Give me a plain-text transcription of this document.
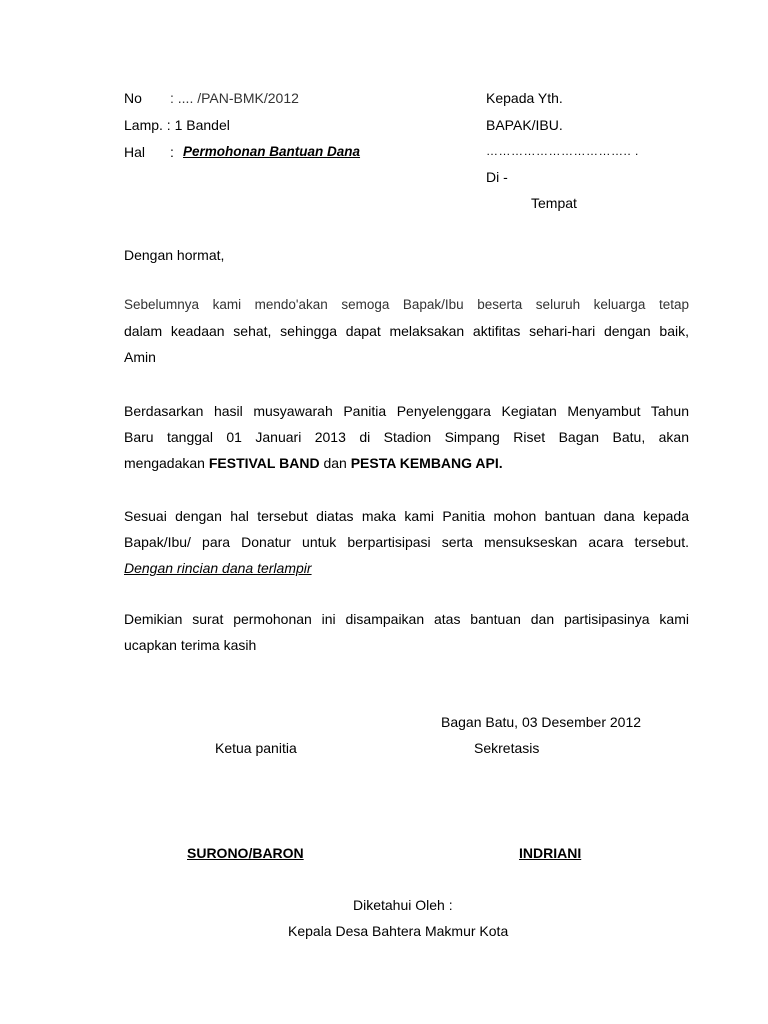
No : .... /PAN-BMK/2012
Lamp. : 1 Bandel
Hal : Permohonan Bantuan Dana
Kepada Yth.
BAPAK/IBU.
…………………………….. .
Di -
Tempat
Dengan hormat,
Sebelumnya kami mendo'akan semoga Bapak/Ibu beserta seluruh keluarga tetap
dalam keadaan sehat, sehingga dapat melaksakan aktifitas sehari-hari dengan baik,
Amin
Berdasarkan hasil musyawarah Panitia Penyelenggara Kegiatan Menyambut Tahun
Baru tanggal 01 Januari 2013 di Stadion Simpang Riset Bagan Batu, akan
mengadakan FESTIVAL BAND dan PESTA KEMBANG API.
Sesuai dengan hal tersebut diatas maka kami Panitia mohon bantuan dana kepada
Bapak/Ibu/ para Donatur untuk berpartisipasi serta mensukseskan acara tersebut.
Dengan rincian dana terlampir
Demikian surat permohonan ini disampaikan atas bantuan dan partisipasinya kami
ucapkan terima kasih
Bagan Batu, 03 Desember 2012
Ketua panitia	Sekretasis
SURONO/BARON	INDRIANI
Diketahui Oleh :
Kepala Desa Bahtera Makmur Kota
